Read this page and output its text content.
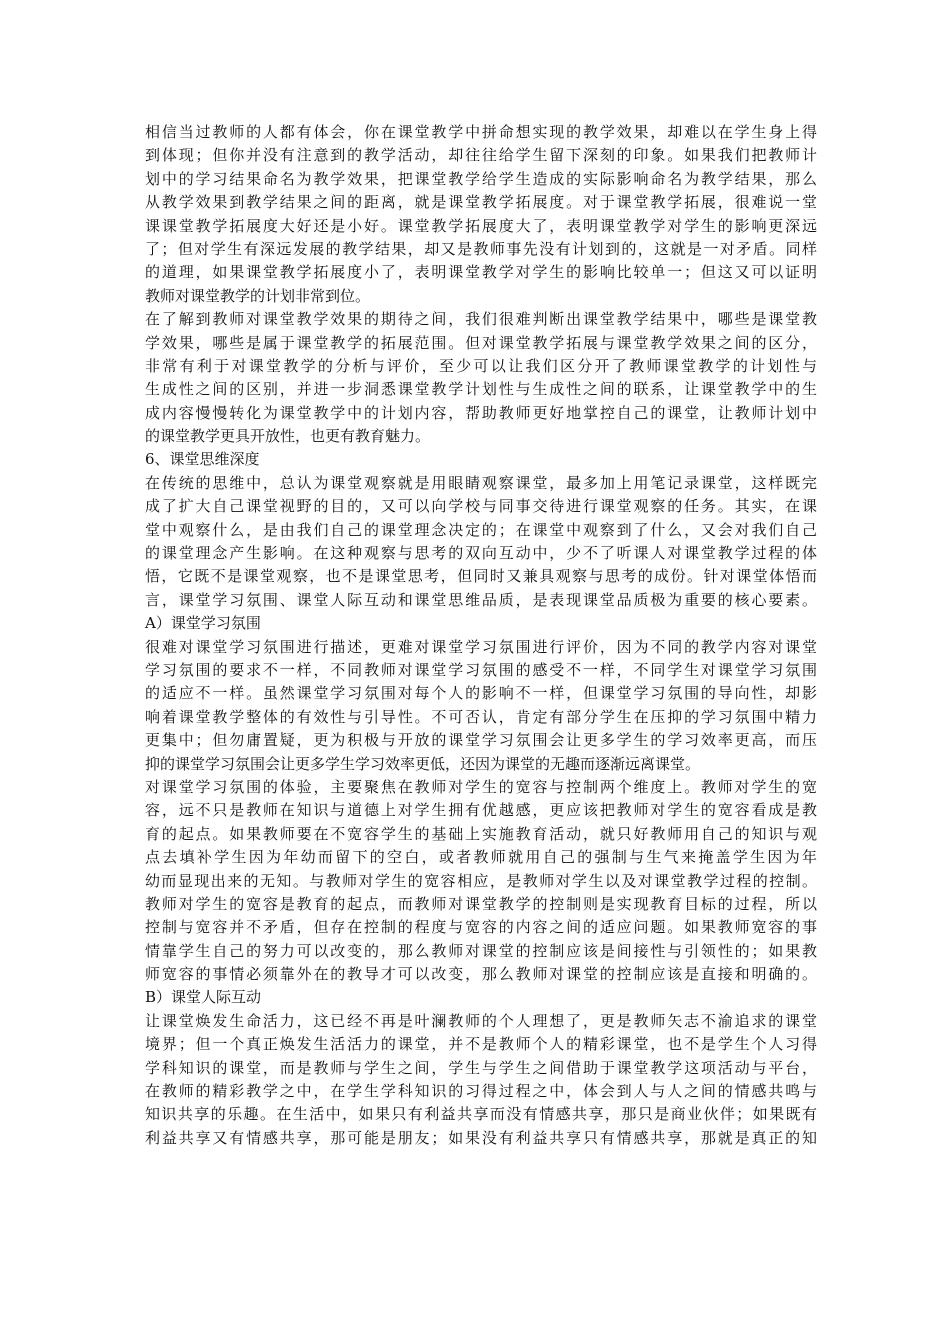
相信当过教师的人都有体会，你在课堂教学中拼命想实现的教学效果，却难以在学生身上得
到体现；但你并没有注意到的教学活动，却往往给学生留下深刻的印象。如果我们把教师计
划中的学习结果命名为教学效果，把课堂教学给学生造成的实际影响命名为教学结果，那么
从教学效果到教学结果之间的距离，就是课堂教学拓展度。对于课堂教学拓展，很难说一堂
课课堂教学拓展度大好还是小好。课堂教学拓展度大了，表明课堂教学对学生的影响更深远
了；但对学生有深远发展的教学结果，却又是教师事先没有计划到的，这就是一对矛盾。同样
的道理，如果课堂教学拓展度小了，表明课堂教学对学生的影响比较单一；但这又可以证明
教师对课堂教学的计划非常到位。
在了解到教师对课堂教学效果的期待之间，我们很难判断出课堂教学结果中，哪些是课堂教
学效果，哪些是属于课堂教学的拓展范围。但对课堂教学拓展与课堂教学效果之间的区分，
非常有利于对课堂教学的分析与评价，至少可以让我们区分开了教师课堂教学的计划性与
生成性之间的区别，并进一步洞悉课堂教学计划性与生成性之间的联系，让课堂教学中的生
成内容慢慢转化为课堂教学中的计划内容，帮助教师更好地掌控自己的课堂，让教师计划中
的课堂教学更具开放性，也更有教育魅力。
6、课堂思维深度
在传统的思维中，总认为课堂观察就是用眼睛观察课堂，最多加上用笔记录课堂，这样既完
成了扩大自己课堂视野的目的，又可以向学校与同事交待进行课堂观察的任务。其实，在课
堂中观察什么，是由我们自己的课堂理念决定的；在课堂中观察到了什么，又会对我们自己
的课堂理念产生影响。在这种观察与思考的双向互动中，少不了听课人对课堂教学过程的体
悟，它既不是课堂观察，也不是课堂思考，但同时又兼具观察与思考的成份。针对课堂体悟而
言，课堂学习氛围、课堂人际互动和课堂思维品质，是表现课堂品质极为重要的核心要素。
A）课堂学习氛围
很难对课堂学习氛围进行描述，更难对课堂学习氛围进行评价，因为不同的教学内容对课堂
学习氛围的要求不一样，不同教师对课堂学习氛围的感受不一样，不同学生对课堂学习氛围
的适应不一样。虽然课堂学习氛围对每个人的影响不一样，但课堂学习氛围的导向性，却影
响着课堂教学整体的有效性与引导性。不可否认，肯定有部分学生在压抑的学习氛围中精力
更集中；但勿庸置疑，更为积极与开放的课堂学习氛围会让更多学生的学习效率更高，而压
抑的课堂学习氛围会让更多学生学习效率更低，还因为课堂的无趣而逐渐远离课堂。
对课堂学习氛围的体验，主要聚焦在教师对学生的宽容与控制两个维度上。教师对学生的宽
容，远不只是教师在知识与道德上对学生拥有优越感，更应该把教师对学生的宽容看成是教
育的起点。如果教师要在不宽容学生的基础上实施教育活动，就只好教师用自己的知识与观
点去填补学生因为年幼而留下的空白，或者教师就用自己的强制与生气来掩盖学生因为年
幼而显现出来的无知。与教师对学生的宽容相应，是教师对学生以及对课堂教学过程的控制。
教师对学生的宽容是教育的起点，而教师对课堂教学的控制则是实现教育目标的过程，所以
控制与宽容并不矛盾，但存在控制的程度与宽容的内容之间的适应问题。如果教师宽容的事
情靠学生自己的努力可以改变的，那么教师对课堂的控制应该是间接性与引领性的；如果教
师宽容的事情必须靠外在的教导才可以改变，那么教师对课堂的控制应该是直接和明确的。
B）课堂人际互动
让课堂焕发生命活力，这已经不再是叶澜教师的个人理想了，更是教师矢志不渝追求的课堂
境界；但一个真正焕发生活活力的课堂，并不是教师个人的精彩课堂，也不是学生个人习得
学科知识的课堂，而是教师与学生之间，学生与学生之间借助于课堂教学这项活动与平台，
在教师的精彩教学之中，在学生学科知识的习得过程之中，体会到人与人之间的情感共鸣与
知识共享的乐趣。在生活中，如果只有利益共享而没有情感共享，那只是商业伙伴；如果既有
利益共享又有情感共享，那可能是朋友；如果没有利益共享只有情感共享，那就是真正的知
